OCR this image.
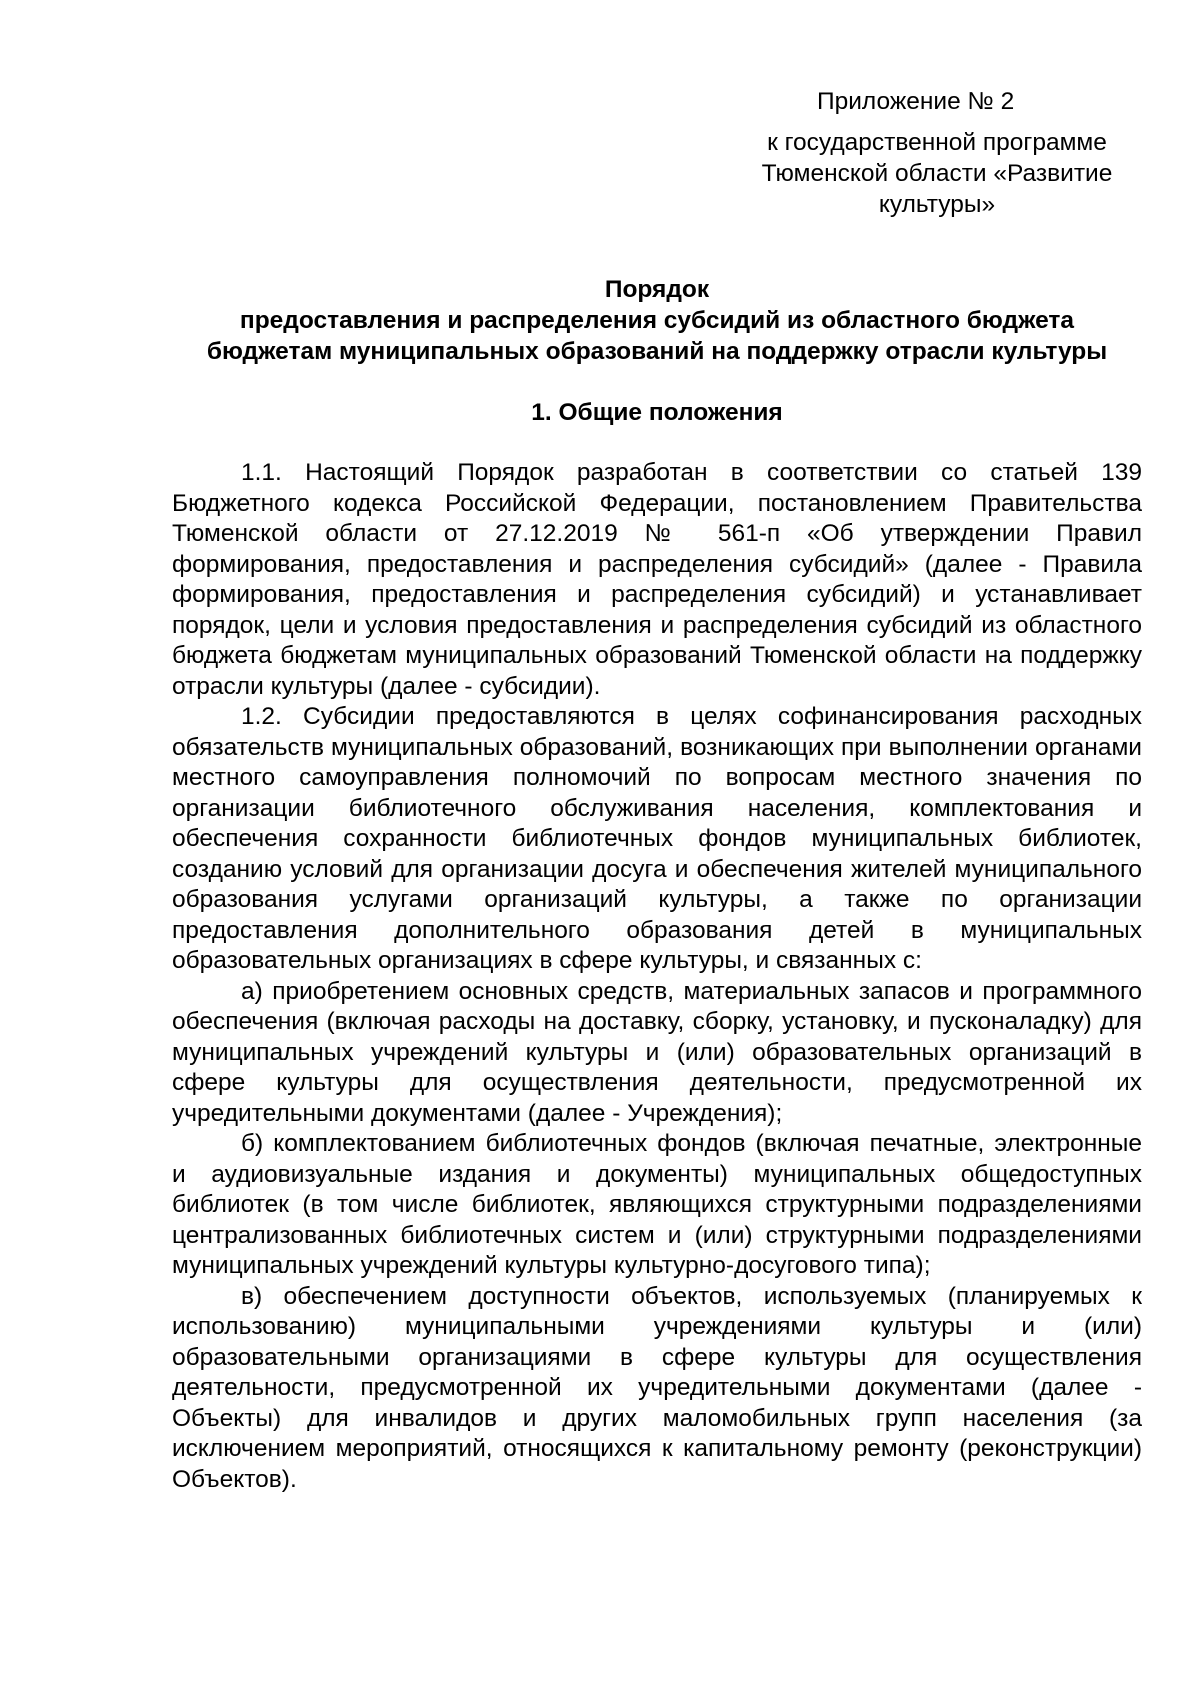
Приложение № 2
к государственной программе Тюменской области «Развитие культуры»
Порядок
предоставления и распределения субсидий из областного бюджета
бюджетам муниципальных образований на поддержку отрасли культуры
1. Общие положения

1.1. Настоящий Порядок разработан в соответствии со статьей 139 Бюджетного кодекса Российской Федерации, постановлением Правительства Тюменской области от 27.12.2019 № 561-п «Об утверждении Правил формирования, предоставления и распределения субсидий» (далее - Правила формирования, предоставления и распределения субсидий) и устанавливает порядок, цели и условия предоставления и распределения субсидий из областного бюджета бюджетам муниципальных образований Тюменской области на поддержку отрасли культуры (далее - субсидии).

1.2. Субсидии предоставляются в целях софинансирования расходных обязательств муниципальных образований, возникающих при выполнении органами местного самоуправления полномочий по вопросам местного значения по организации библиотечного обслуживания населения, комплектования и обеспечения сохранности библиотечных фондов муниципальных библиотек, созданию условий для организации досуга и обеспечения жителей муниципального образования услугами организаций культуры, а также по организации предоставления дополнительного образования детей в муниципальных образовательных организациях в сфере культуры, и связанных с:

а) приобретением основных средств, материальных запасов и программного обеспечения (включая расходы на доставку, сборку, установку, и пусконаладку) для муниципальных учреждений культуры и (или) образовательных организаций в сфере культуры для осуществления деятельности, предусмотренной их учредительными документами (далее - Учреждения);

б) комплектованием библиотечных фондов (включая печатные, электронные и аудиовизуальные издания и документы) муниципальных общедоступных библиотек (в том числе библиотек, являющихся структурными подразделениями централизованных библиотечных систем и (или) структурными подразделениями муниципальных учреждений культуры культурно-досугового типа);

в) обеспечением доступности объектов, используемых (планируемых к использованию) муниципальными учреждениями культуры и (или) образовательными организациями в сфере культуры для осуществления деятельности, предусмотренной их учредительными документами (далее - Объекты) для инвалидов и других маломобильных групп населения (за исключением мероприятий, относящихся к капитальному ремонту (реконструкции) Объектов).
